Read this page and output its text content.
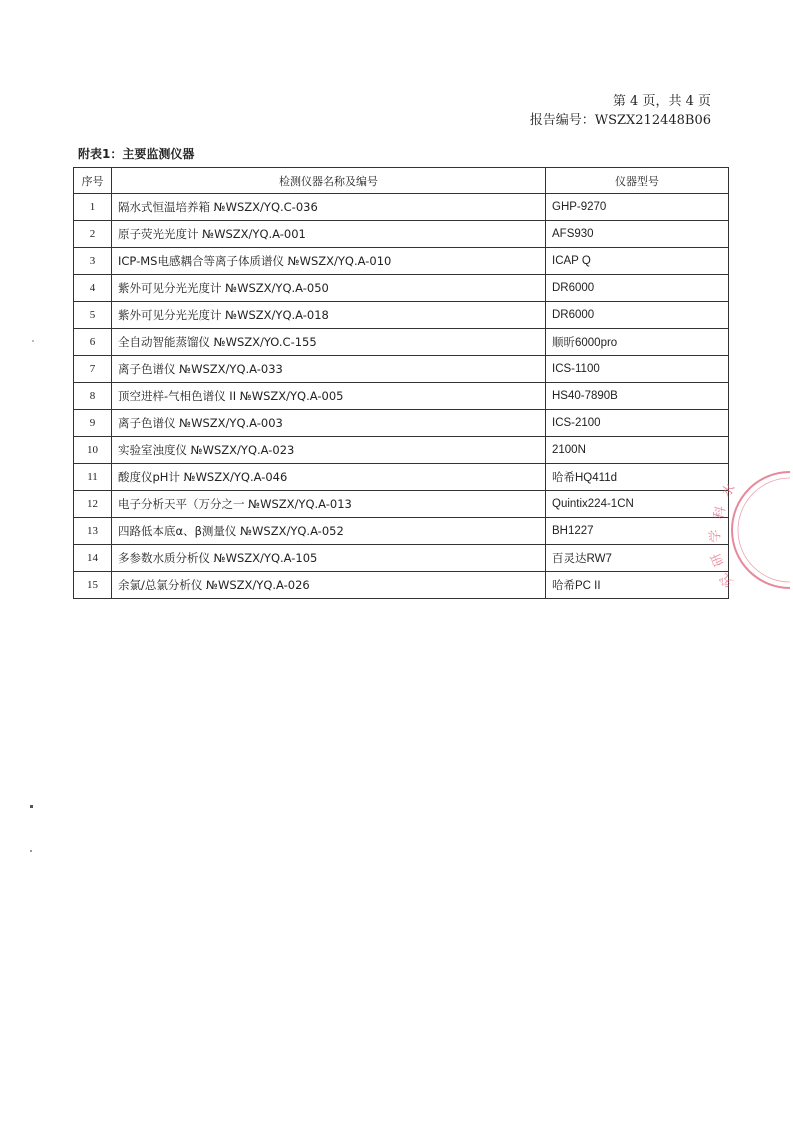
第 4 页，共 4 页
报告编号：WSZX212448B06
附表1：主要监测仪器
序号	检测仪器名称及编号	仪器型号
1	隔水式恒温培养箱 №WSZX/YQ.C-036	GHP-9270
2	原子荧光光度计 №WSZX/YQ.A-001	AFS930
3	ICP-MS电感耦合等离子体质谱仪 №WSZX/YQ.A-010	ICAP Q
4	紫外可见分光光度计 №WSZX/YQ.A-050	DR6000
5	紫外可见分光光度计 №WSZX/YQ.A-018	DR6000
6	全自动智能蒸馏仪 №WSZX/YO.C-155	顺昕6000pro
7	离子色谱仪 №WSZX/YQ.A-033	ICS-1100
8	顶空进样-气相色谱仪 II №WSZX/YQ.A-005	HS40-7890B
9	离子色谱仪 №WSZX/YQ.A-003	ICS-2100
10	实验室浊度仪 №WSZX/YQ.A-023	2100N
11	酸度仪pH计 №WSZX/YQ.A-046	哈希HQ411d
12	电子分析天平（万分之一 №WSZX/YQ.A-013	Quintix224-1CN
13	四路低本底α、β测量仪 №WSZX/YQ.A-052	BH1227
14	多参数水质分析仪 №WSZX/YQ.A-105	百灵达RW7
15	余氯/总氯分析仪 №WSZX/YQ.A-026	哈希PC II
水
科
学
研
究
